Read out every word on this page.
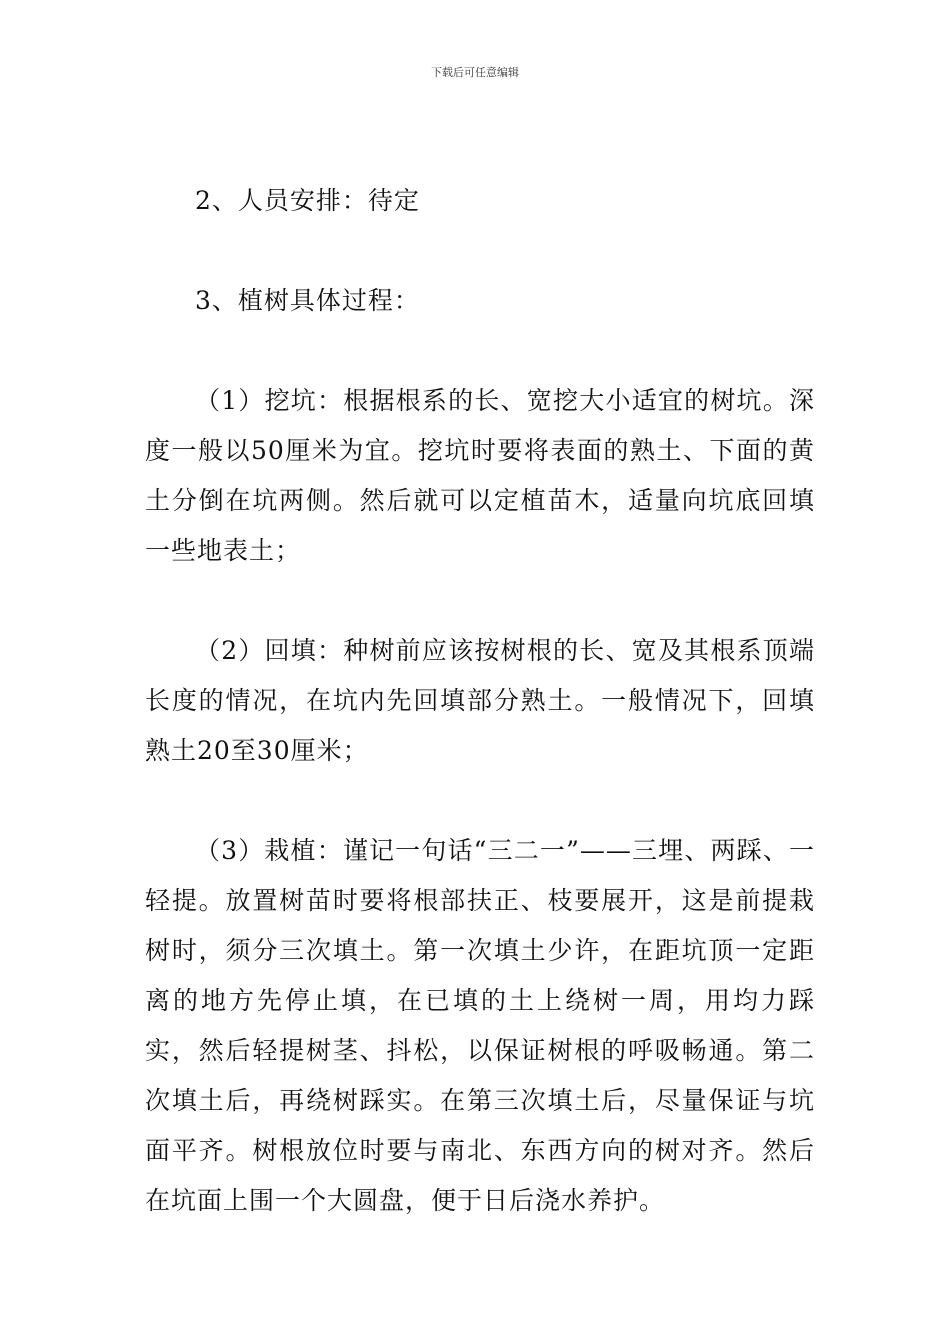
下载后可任意编辑

2、人员安排：待定

3、植树具体过程：

（1）挖坑：根据根系的长、宽挖大小适宜的树坑。深度一般以50厘米为宜。挖坑时要将表面的熟土、下面的黄土分倒在坑两侧。然后就可以定植苗木，适量向坑底回填一些地表土；

（2）回填：种树前应该按树根的长、宽及其根系顶端长度的情况，在坑内先回填部分熟土。一般情况下，回填熟土20至30厘米；

（3）栽植：谨记一句话“三二一”——三埋、两踩、一轻提。放置树苗时要将根部扶正、枝要展开，这是前提栽树时，须分三次填土。第一次填土少许，在距坑顶一定距离的地方先停止填，在已填的土上绕树一周，用均力踩实，然后轻提树茎、抖松，以保证树根的呼吸畅通。第二次填土后，再绕树踩实。在第三次填土后，尽量保证与坑面平齐。树根放位时要与南北、东西方向的树对齐。然后在坑面上围一个大圆盘，便于日后浇水养护。
